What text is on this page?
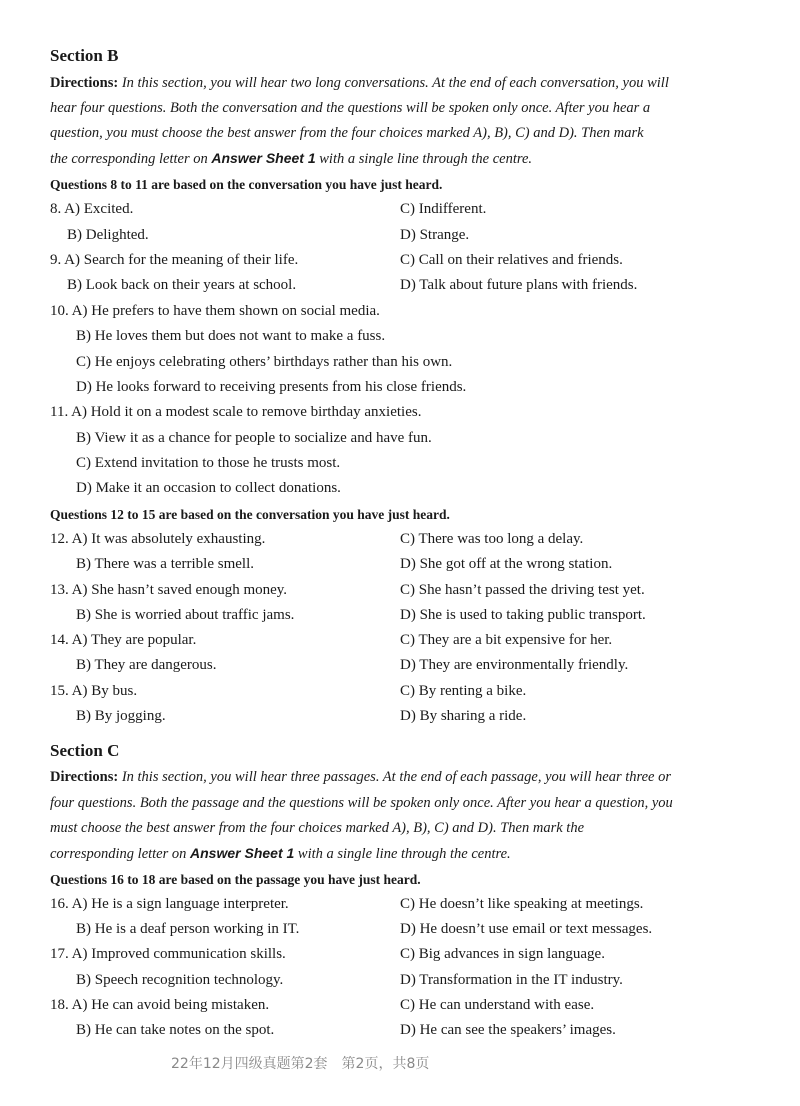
Section B
Directions: In this section, you will hear two long conversations. At the end of each conversation, you will
hear four questions. Both the conversation and the questions will be spoken only once. After you hear a
question, you must choose the best answer from the four choices marked A), B), C) and D). Then mark
the corresponding letter on Answer Sheet 1 with a single line through the centre.
Questions 8 to 11 are based on the conversation you have just heard.
8. A) Excited.	C) Indifferent.
B) Delighted.	D) Strange.
9. A) Search for the meaning of their life.	C) Call on their relatives and friends.
B) Look back on their years at school.	D) Talk about future plans with friends.
10. A) He prefers to have them shown on social media.
B) He loves them but does not want to make a fuss.
C) He enjoys celebrating others’ birthdays rather than his own.
D) He looks forward to receiving presents from his close friends.
11. A) Hold it on a modest scale to remove birthday anxieties.
B) View it as a chance for people to socialize and have fun.
C) Extend invitation to those he trusts most.
D) Make it an occasion to collect donations.
Questions 12 to 15 are based on the conversation you have just heard.
12. A) It was absolutely exhausting.	C) There was too long a delay.
B) There was a terrible smell.	D) She got off at the wrong station.
13. A) She hasn’t saved enough money.	C) She hasn’t passed the driving test yet.
B) She is worried about traffic jams.	D) She is used to taking public transport.
14. A) They are popular.	C) They are a bit expensive for her.
B) They are dangerous.	D) They are environmentally friendly.
15. A) By bus.	C) By renting a bike.
B) By jogging.	D) By sharing a ride.
Section C
Directions: In this section, you will hear three passages. At the end of each passage, you will hear three or
four questions. Both the passage and the questions will be spoken only once. After you hear a question, you
must choose the best answer from the four choices marked A), B), C) and D). Then mark the
corresponding letter on Answer Sheet 1 with a single line through the centre.
Questions 16 to 18 are based on the passage you have just heard.
16. A) He is a sign language interpreter.	C) He doesn’t like speaking at meetings.
B) He is a deaf person working in IT.	D) He doesn’t use email or text messages.
17. A) Improved communication skills.	C) Big advances in sign language.
B) Speech recognition technology.	D) Transformation in the IT industry.
18. A) He can avoid being mistaken.	C) He can understand with ease.
B) He can take notes on the spot.	D) He can see the speakers’ images.
22年12月四级真题第2套　第2页，共8页
